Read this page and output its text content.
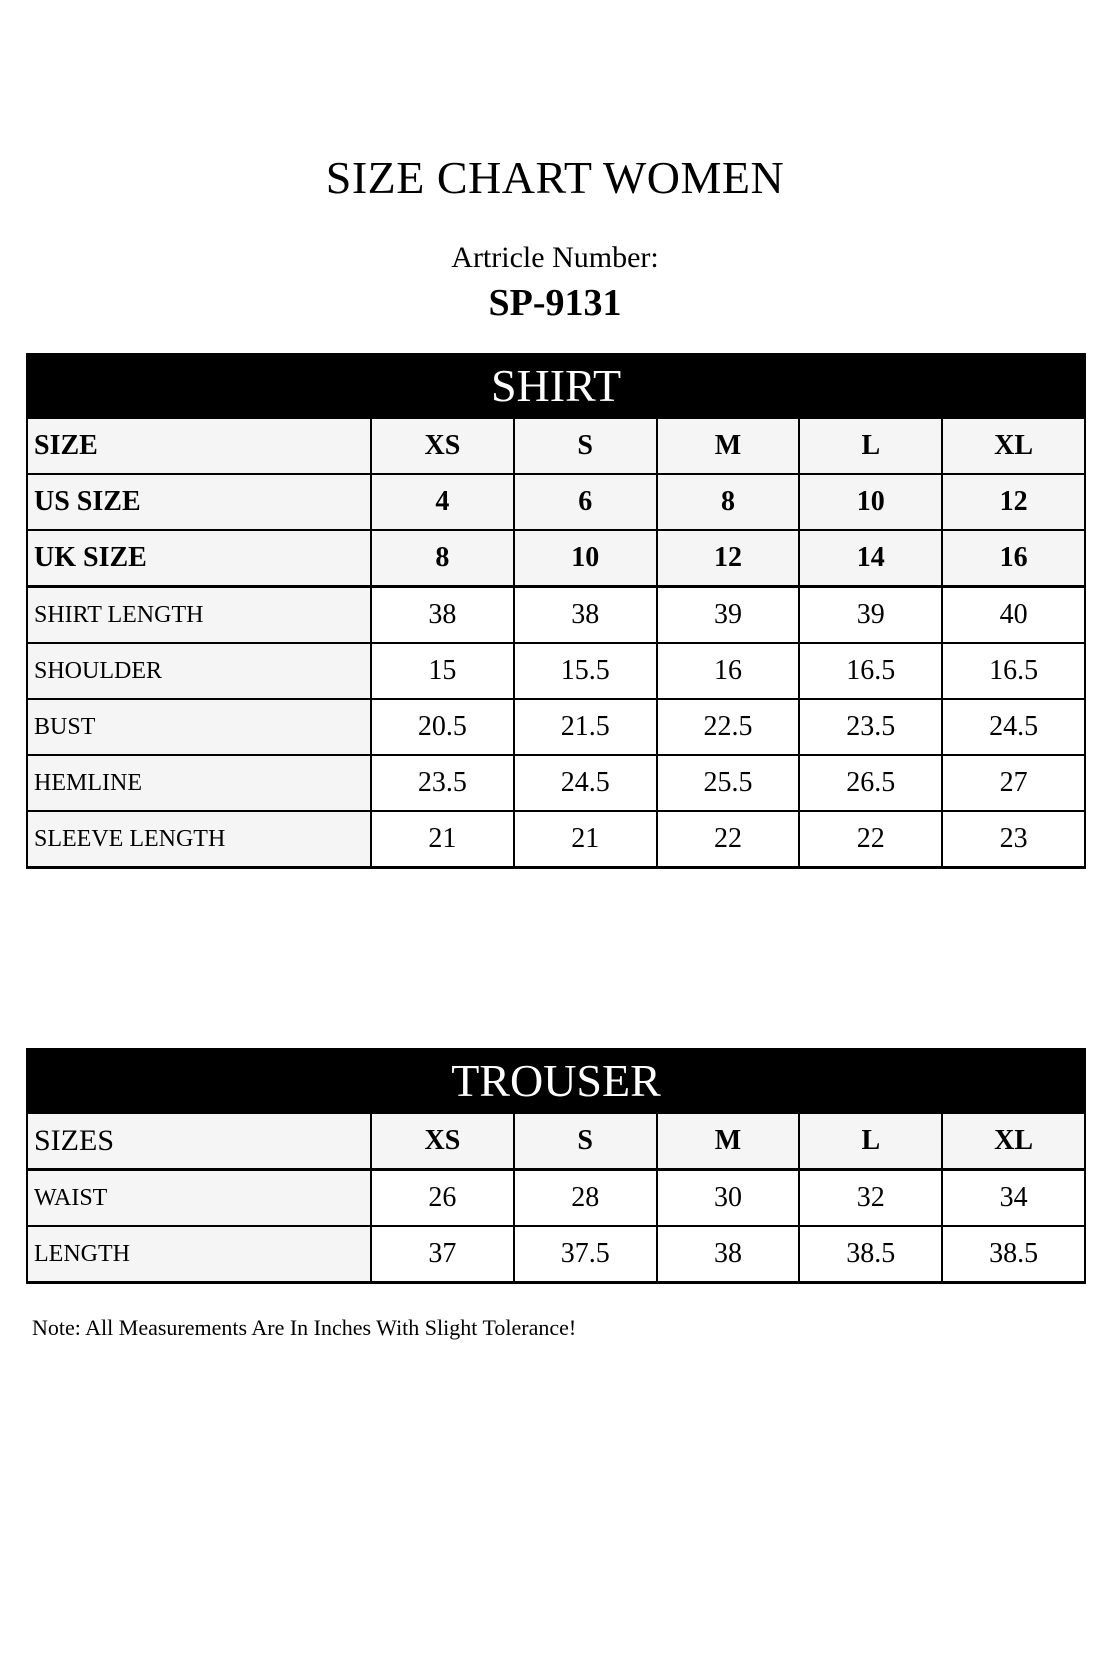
SIZE CHART WOMEN
Artricle Number:
SP-9131
SHIRT					
SIZE	XS	S	M	L	XL
US SIZE	4	6	8	10	12
UK SIZE	8	10	12	14	16
SHIRT LENGTH	38	38	39	39	40
SHOULDER	15	15.5	16	16.5	16.5
BUST	20.5	21.5	22.5	23.5	24.5
HEMLINE	23.5	24.5	25.5	26.5	27
SLEEVE LENGTH	21	21	22	22	23
TROUSER					
SIZES	XS	S	M	L	XL
WAIST	26	28	30	32	34
LENGTH	37	37.5	38	38.5	38.5
Note: All Measurements Are In Inches With Slight Tolerance!
